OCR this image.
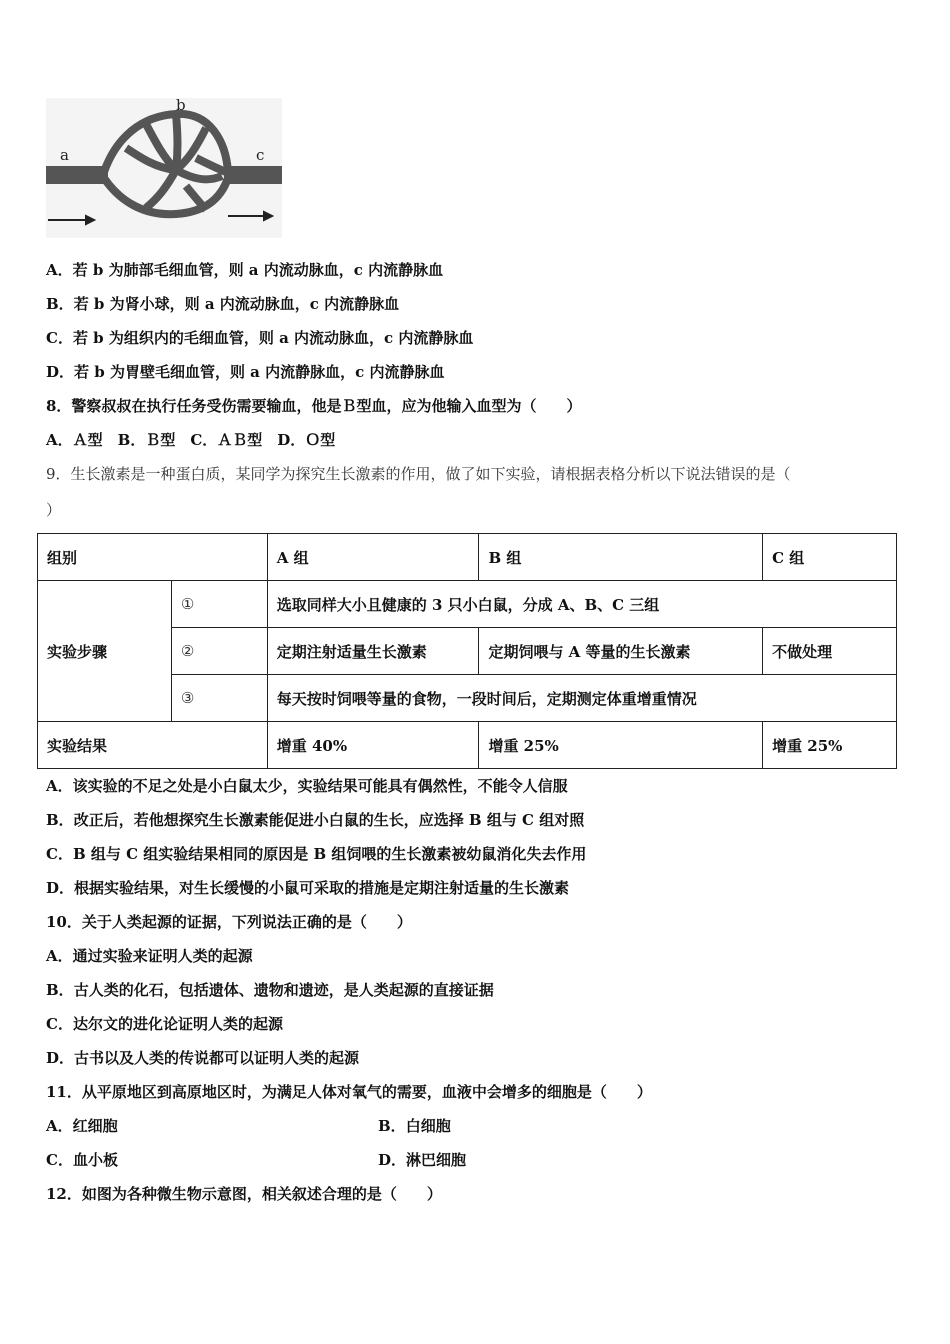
a
b
c
A．若 b 为肺部毛细血管，则 a 内流动脉血，c 内流静脉血
B．若 b 为肾小球，则 a 内流动脉血，c 内流静脉血
C．若 b 为组织内的毛细血管，则 a 内流动脉血，c 内流静脉血
D．若 b 为胃壁毛细血管，则 a 内流静脉血，c 内流静脉血
8．警察叔叔在执行任务受伤需要输血，他是Ｂ型血，应为他输入血型为（　　）
A．Ａ型　B．Ｂ型　C．ＡＢ型　D．Ｏ型
9．生长激素是一种蛋白质，某同学为探究生长激素的作用，做了如下实验，请根据表格分析以下说法错误的是（
）
组别		A 组	B 组	C 组
实验步骤	①	选取同样大小且健康的 3 只小白鼠，分成 A、B、C 三组		
	②	定期注射适量生长激素	定期饲喂与 A 等量的生长激素	不做处理
	③	每天按时饲喂等量的食物，一段时间后，定期测定体重增重情况		
实验结果		增重 40%	增重 25%	增重 25%
A．该实验的不足之处是小白鼠太少，实验结果可能具有偶然性，不能令人信服
B．改正后，若他想探究生长激素能促进小白鼠的生长，应选择 B 组与 C 组对照
C．B 组与 C 组实验结果相同的原因是 B 组饲喂的生长激素被幼鼠消化失去作用
D．根据实验结果，对生长缓慢的小鼠可采取的措施是定期注射适量的生长激素
10．关于人类起源的证据，下列说法正确的是（　　）
A．通过实验来证明人类的起源
B．古人类的化石，包括遗体、遗物和遗迹，是人类起源的直接证据
C．达尔文的进化论证明人类的起源
D．古书以及人类的传说都可以证明人类的起源
11．从平原地区到高原地区时，为满足人体对氧气的需要，血液中会增多的细胞是（　　）
A．红细胞	B．白细胞
C．血小板	D．淋巴细胞
12．如图为各种微生物示意图，相关叙述合理的是（　　）
